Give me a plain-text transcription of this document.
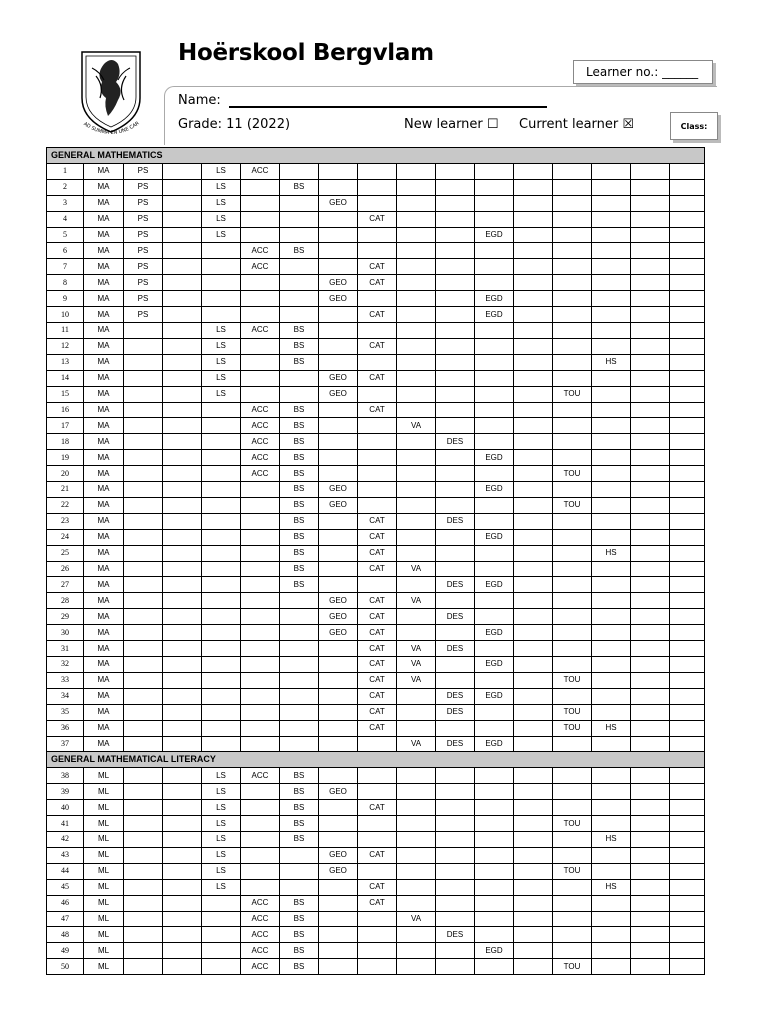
AD SUMMA EN UNE CAR
Hoërskool Bergvlam
Learner no.: ______
Name:
Grade: 11 (2022)	New learner ☐ Current learner ☒	Class:
GENERAL MATHEMATICS																
1	MA	PS		LS	ACC											
2	MA	PS		LS		BS										
3	MA	PS		LS			GEO									
4	MA	PS		LS				CAT								
5	MA	PS		LS							EGD					
6	MA	PS			ACC	BS										
7	MA	PS			ACC			CAT								
8	MA	PS					GEO	CAT								
9	MA	PS					GEO				EGD					
10	MA	PS						CAT			EGD					
11	MA			LS	ACC	BS										
12	MA			LS		BS		CAT								
13	MA			LS		BS								HS		
14	MA			LS			GEO	CAT								
15	MA			LS			GEO						TOU			
16	MA				ACC	BS		CAT								
17	MA				ACC	BS			VA							
18	MA				ACC	BS				DES						
19	MA				ACC	BS					EGD					
20	MA				ACC	BS							TOU			
21	MA					BS	GEO				EGD					
22	MA					BS	GEO						TOU			
23	MA					BS		CAT		DES						
24	MA					BS		CAT			EGD					
25	MA					BS		CAT						HS		
26	MA					BS		CAT	VA							
27	MA					BS				DES	EGD					
28	MA						GEO	CAT	VA							
29	MA						GEO	CAT		DES						
30	MA						GEO	CAT			EGD					
31	MA							CAT	VA	DES						
32	MA							CAT	VA		EGD					
33	MA							CAT	VA				TOU			
34	MA							CAT		DES	EGD					
35	MA							CAT		DES			TOU			
36	MA							CAT					TOU	HS		
37	MA								VA	DES	EGD					
GENERAL MATHEMATICAL LITERACY																
38	ML			LS	ACC	BS										
39	ML			LS		BS	GEO									
40	ML			LS		BS		CAT								
41	ML			LS		BS							TOU			
42	ML			LS		BS								HS		
43	ML			LS			GEO	CAT								
44	ML			LS			GEO						TOU			
45	ML			LS				CAT						HS		
46	ML				ACC	BS		CAT								
47	ML				ACC	BS			VA							
48	ML				ACC	BS				DES						
49	ML				ACC	BS					EGD					
50	ML				ACC	BS							TOU			
